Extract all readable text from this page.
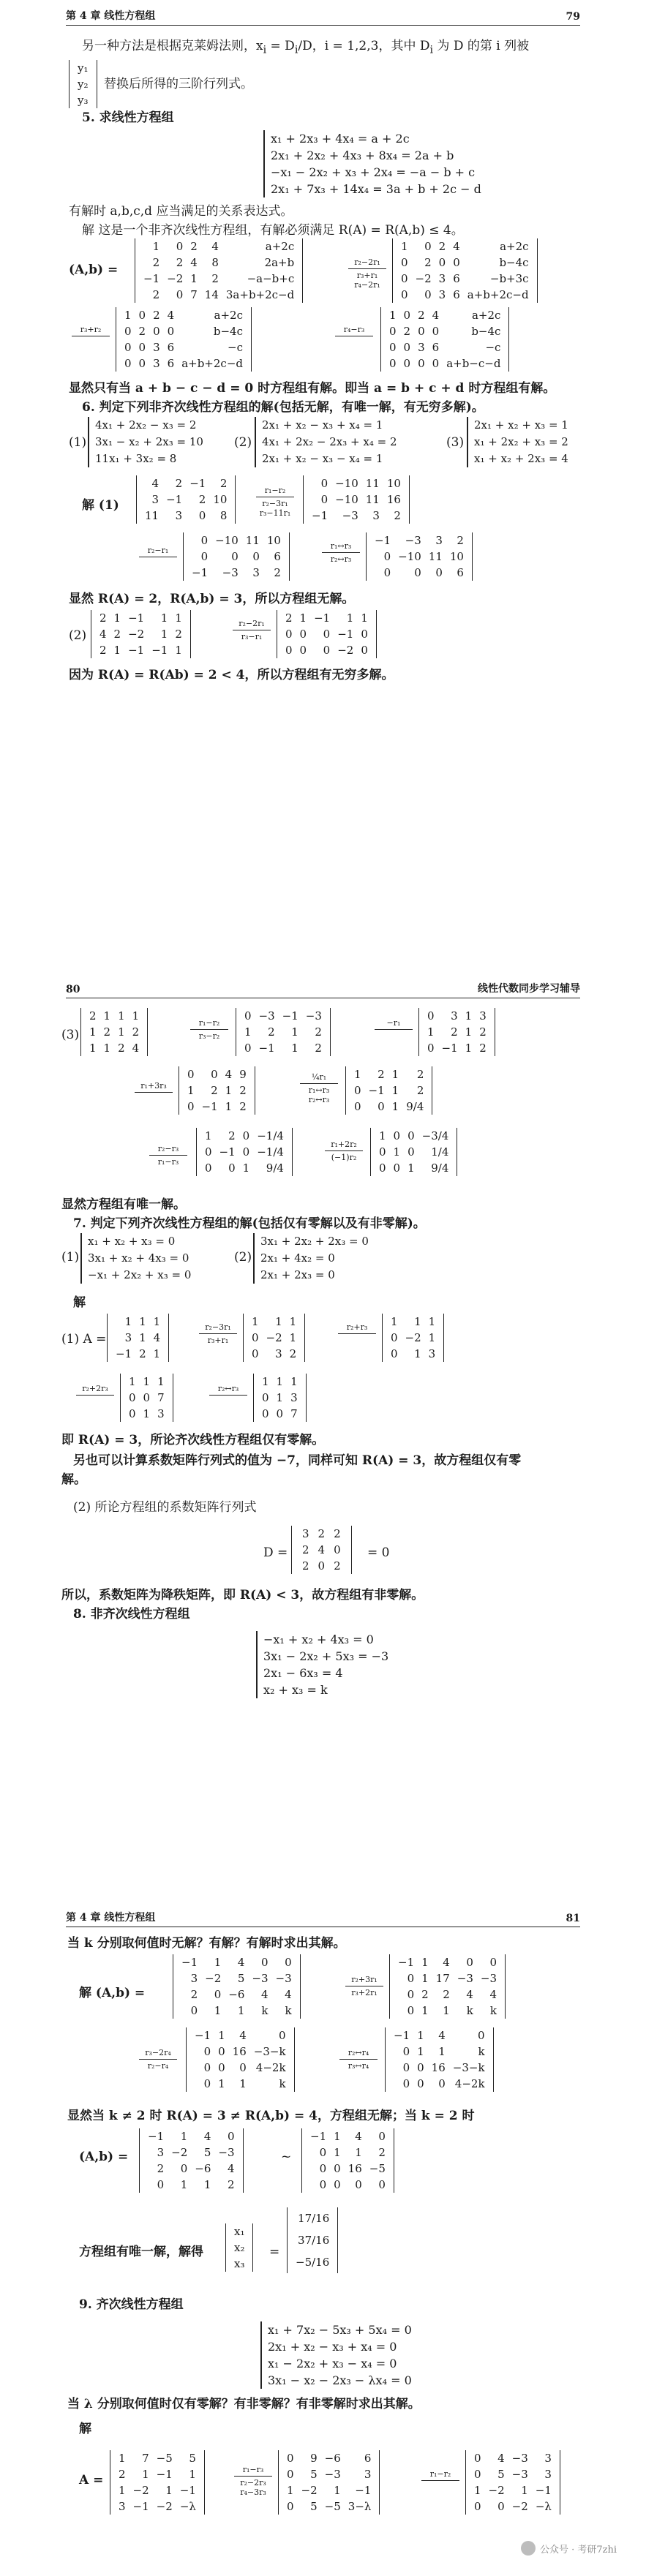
第 4 章 线性方程组	79
另一种方法是根据克莱姆法则，$x_i = D_i/D$，i = 1,2,3，其中 $D_i$ 为 D 的第 i 列被
y₁
y₂
y₃
替换后所得的三阶行列式。
5. 求线性方程组
x₁ + 2x₃ + 4x₄ = a + 2c
2x₁ + 2x₂ + 4x₃ + 8x₄ = 2a + b
−x₁ − 2x₂ + x₃ + 2x₄ = −a − b + c
2x₁ + 7x₃ + 14x₄ = 3a + b + 2c − d
有解时 a,b,c,d 应当满足的关系表达式。
解 这是一个非齐次线性方程组，有解必须满足 R(A) = R(A,b) ≤ 4。
(A,b) =
1	0 2	4	a+2c
2	2 4	8	2a+b
−1 −2 1	2	−a−b+c
2	0 7 14 3a+b+2c−d
r₂−2r₁
r₃+r₁
r₄−2r₁
1	0 2 4	a+2c
0	2 0 0	b−4c
0 −2 3 6	−b+3c
0	0 3 6 a+b+2c−d
r₃+r₂
1 0 2 4	a+2c
0 2 0 0	b−4c
0 0 3 6	−c
0 0 3 6 a+b+2c−d
r₄−r₃
1 0 2 4	a+2c
0 2 0 0	b−4c
0 0 3 6	−c
0 0 0 0 a+b−c−d
显然只有当 a + b − c − d = 0 时方程组有解。即当 a = b + c + d 时方程组有解。
6. 判定下列非齐次线性方程组的解(包括无解，有唯一解，有无穷多解)。
(1)
4x₁ + 2x₂ − x₃ = 2
3x₁ − x₂ + 2x₃ = 10
11x₁ + 3x₂ = 8
(2)
2x₁ + x₂ − x₃ + x₄ = 1
4x₁ + 2x₂ − 2x₃ + x₄ = 2
2x₁ + x₂ − x₃ − x₄ = 1
(3)
2x₁ + x₂ + x₃ = 1
x₁ + 2x₂ + x₃ = 2
x₁ + x₂ + 2x₃ = 4
解 (1)
4	2 −1	2
3 −1	2 10
11	3	0	8
r₁−r₂
r₂−3r₁
r₃−11r₁
0 −10 11 10
0 −10 11 16
−1	−3	3	2
r₂−r₁
0 −10 11 10
0	0	0	6
−1	−3	3	2
r₁↔r₃
r₂↔r₃
−1	−3	3	2
0 −10 11 10
0	0	0	6
显然 R(A) = 2，R(A,b) = 3，所以方程组无解。
(2)
2 1 −1	1 1
4 2 −2	1 2
2 1 −1 −1 1
r₂−2r₁
r₃−r₁
2 1 −1	1 1
0 0	0 −1 0
0 0	0 −2 0
因为 R(A) = R(Ab) = 2 < 4，所以方程组有无穷多解。
80	线性代数同步学习辅导
(3)
2 1 1 1
1 2 1 2
1 1 2 4
r₁−r₂
r₃−r₂
0 −3 −1 −3
1	2	1	2
0 −1	1	2
−r₁
0	3 1 3
1	2 1 2
0 −1 1 2
r₁+3r₃
0	0 4 9
1	2 1 2
0 −1 1 2
¼r₁
r₁↔r₃
r₂↔r₃
1	2 1	2
0 −1 1	2
0	0 1 9/4
r₂−r₃
r₁−r₃
1	2 0 −1/4
0 −1 0 −1/4
0	0 1	9/4
r₁+2r₂
(−1)r₂
1 0 0 −3/4
0 1 0	1/4
0 0 1	9/4
显然方程组有唯一解。
7. 判定下列齐次线性方程组的解(包括仅有零解以及有非零解)。
(1)
x₁ + x₂ + x₃ = 0
3x₁ + x₂ + 4x₃ = 0
−x₁ + 2x₂ + x₃ = 0
(2)
3x₁ + 2x₂ + 2x₃ = 0
2x₁ + 4x₂ = 0
2x₁ + 2x₃ = 0
解
(1) A =
1 1 1
3 1 4
−1 2 1
r₂−3r₁
r₃+r₁
1	1 1
0 −2 1
0	3 2
r₂+r₃	1	1 1
0 −2 1
0	1 3
r₂+2r₃
1 1 1
0 0 7
0 1 3
r₂↔r₃
1 1 1
0 1 3
0 0 7
即 R(A) = 3，所论齐次线性方程组仅有零解。
另也可以计算系数矩阵行列式的值为 −7，同样可知 R(A) = 3，故方程组仅有零
解。
(2) 所论方程组的系数矩阵行列式
D =
3 2 2
2 4 0
2 0 2
= 0
所以，系数矩阵为降秩矩阵，即 R(A) < 3，故方程组有非零解。
8. 非齐次线性方程组
−x₁ + x₂ + 4x₃ = 0
3x₁ − 2x₂ + 5x₃ = −3
2x₁ − 6x₃ = 4
x₂ + x₃ = k
第 4 章 线性方程组	81
当 k 分别取何值时无解？有解？有解时求出其解。
解 (A,b) =
−1	1	4	0	0
3 −2	5 −3 −3
2	0 −6	4	4
0	1	1	k	k
r₂+3r₁
r₃+2r₁
−1 1	4	0	0
0 1 17 −3 −3
0 2	2	4	4
0 1	1	k	k
r₃−2r₄
r₂−r₄
−1 1	4	0
0 0 16 −3−k
0 0	0 4−2k
0 1	1	k
r₂↔r₄
r₃↔r₄
−1 1	4	0
0 1	1	k
0 0 16 −3−k
0 0	0 4−2k
显然当 k ≠ 2 时 R(A) = 3 ≠ R(A,b) = 4，方程组无解；当 k = 2 时
(A,b) =
−1	1	4	0
3 −2	5 −3
2	0 −6	4
0	1	1	2
~
−1 1	4	0
0 1	1	2
0 0 16 −5
0 0	0	0
方程组有唯一解，解得
x₁
x₂
x₃
=
17/16
37/16
−5/16
9. 齐次线性方程组
x₁ + 7x₂ − 5x₃ + 5x₄ = 0
2x₁ + x₂ − x₃ + x₄ = 0
x₁ − 2x₂ + x₃ − x₄ = 0
3x₁ − x₂ − 2x₃ − λx₄ = 0
当 λ 分别取何值时仅有零解？有非零解？有非零解时求出其解。
解
A =
1	7 −5	5
2	1 −1	1
1 −2	1 −1
3 −1 −2 −λ
r₁−r₃
r₂−2r₃
r₄−3r₃
0	9 −6	6
0	5 −3	3
1 −2	1	−1
0	5 −5 3−λ
r₁−r₂
0	4 −3	3
0	5 −3	3
1 −2	1 −1
0	0 −2 −λ
公众号 · 考研7zhi
